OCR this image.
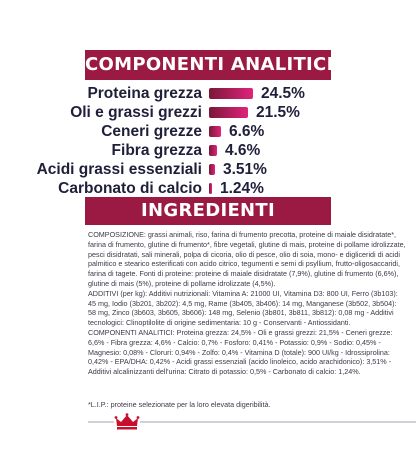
COMPONENTI ANALITICI
Proteina grezza	24.5%
Oli e grassi grezzi	21.5%
Ceneri grezze 6.6%
Fibra grezza 4.6%
Acidi grassi essenziali 3.51%
Carbonato di calcio 1.24%
INGREDIENTI

COMPOSIZIONE: grassi animali, riso, farina di frumento precotta, proteine di maiale disidratate*, farina di frumento, glutine di frumento*, fibre vegetali, glutine di mais, proteine di pollame idrolizzate, pesci disidratati, sali minerali, polpa di cicoria, olio di pesce, olio di soia, mono- e digliceridi di acidi palmitico e stearico esterificati con acido citrico, tegumenti e semi di psyllium, frutto-oligosaccaridi, farina di tagete. Fonti di proteine: proteine di maiale disidratate (7,9%), glutine di frumento (6,6%), glutine di mais (5%), proteine di pollame idrolizzate (4,5%).

ADDITIVI (per kg): Additivi nutrizionali: Vitamina A: 21000 UI, Vitamina D3: 800 UI, Ferro (3b103): 45 mg, Iodio (3b201, 3b202): 4,5 mg, Rame (3b405, 3b406): 14 mg, Manganese (3b502, 3b504): 58 mg, Zinco (3b603, 3b605, 3b606): 148 mg, Selenio (3b801, 3b811, 3b812): 0,08 mg - Additivi tecnologici: Clinoptilolite di origine sedimentaria: 10 g - Conservanti - Antiossidanti.

COMPONENTI ANALITICI: Proteina grezza: 24,5% - Oli e grassi grezzi: 21,5% - Ceneri grezze: 6,6% - Fibra grezza: 4,6% - Calcio: 0,7% - Fosforo: 0,41% - Potassio: 0,9% - Sodio: 0,45% - Magnesio: 0,08% - Cloruri: 0,94% - Zolfo: 0,4% - Vitamina D (totale): 900 UI/kg - Idrossiprolina: 0,42% - EPA/DHA: 0,42% - Acidi grassi essenziali (acido linoleico, acido arachidonico): 3,51% - Additivi alcalinizzanti dell'urina: Citrato di potassio: 0,5% - Carbonato di calcio: 1,24%.

*L.I.P.: proteine selezionate per la loro elevata digeribilità.
